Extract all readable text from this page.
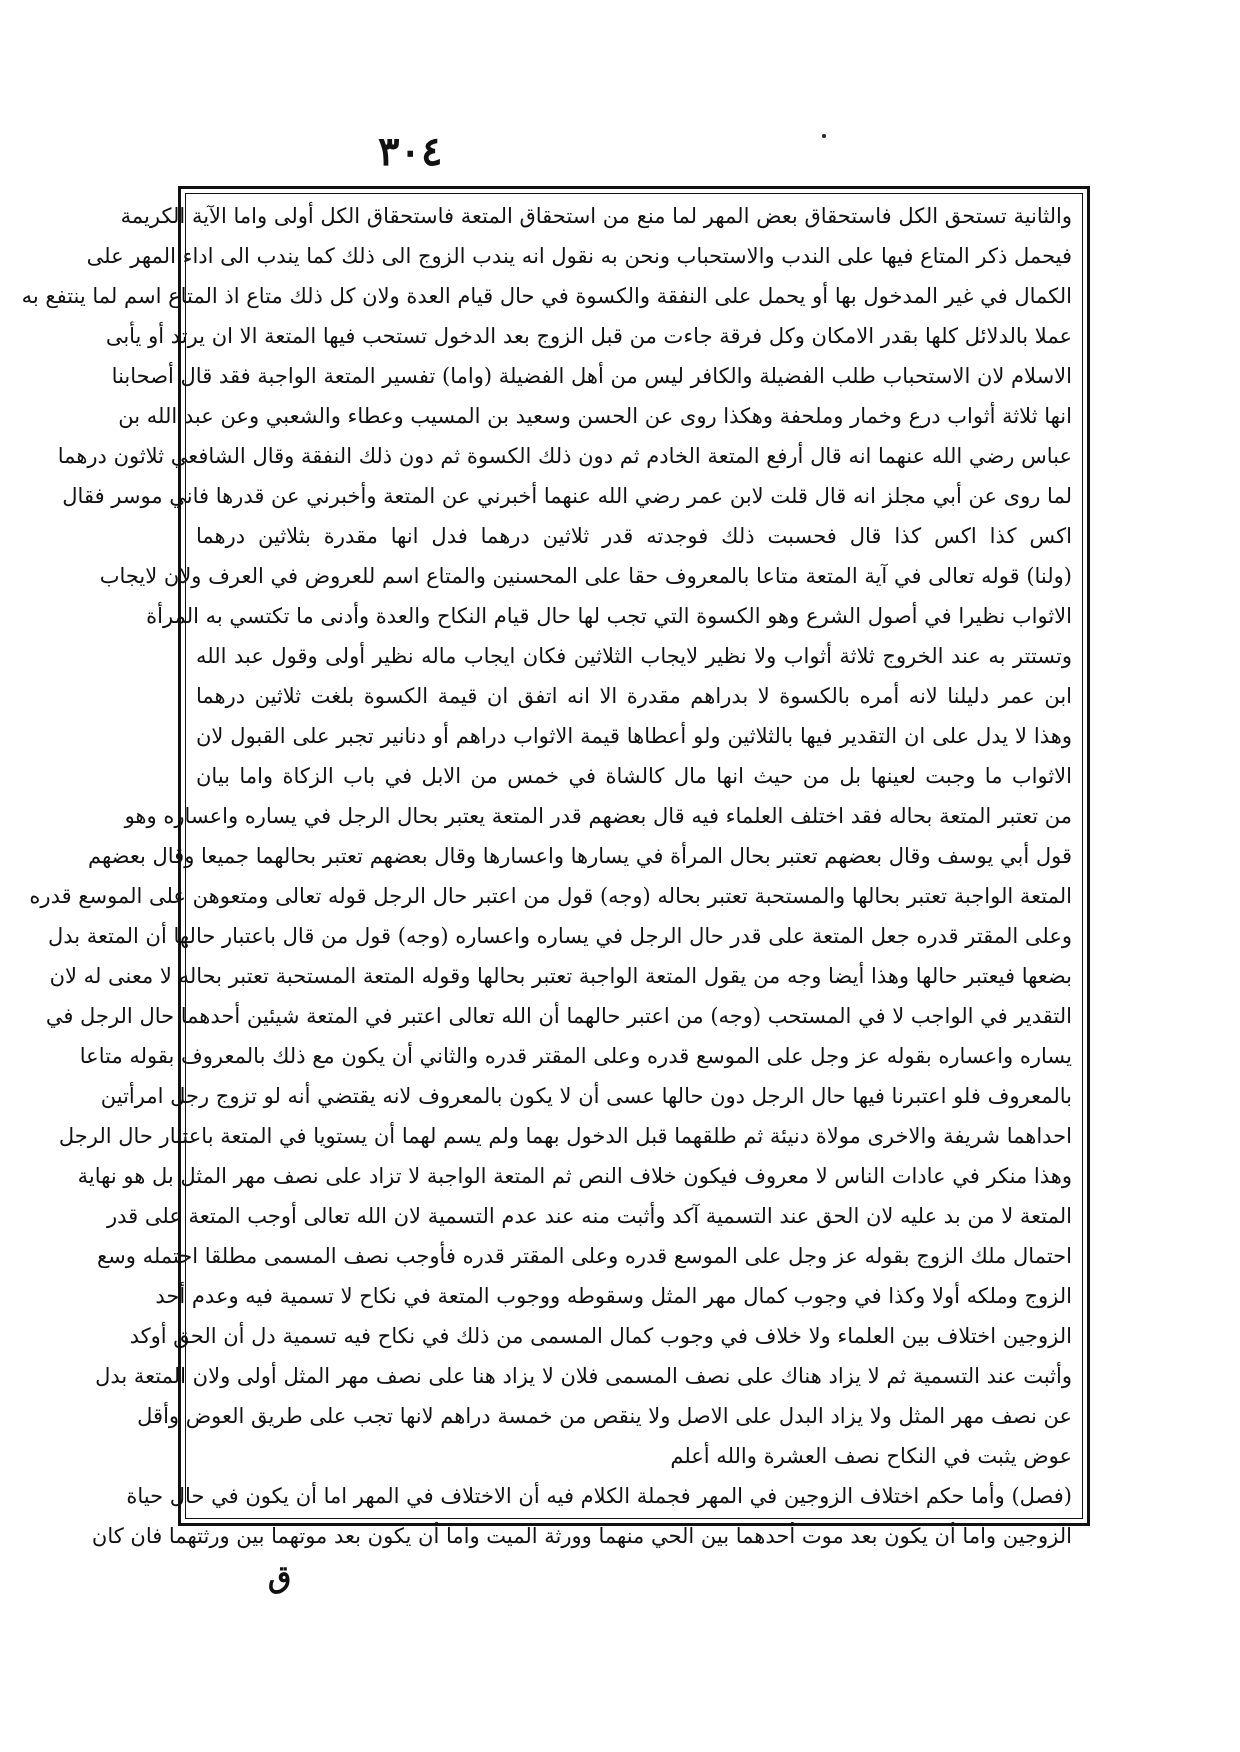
٣٠٤
والثانية تستحق الكل فاستحقاق بعض المهر لما منع من استحقاق المتعة فاستحقاق الكل أولى واما الآية الكريمة
فيحمل ذكر المتاع فيها على الندب والاستحباب ونحن به نقول انه يندب الزوج الى ذلك كما يندب الى اداء المهر على
الكمال في غير المدخول بها أو يحمل على النفقة والكسوة في حال قيام العدة ولان كل ذلك متاع اذ المتاع اسم لما ينتفع به
عملا بالدلائل كلها بقدر الامكان وكل فرقة جاءت من قبل الزوج بعد الدخول تستحب فيها المتعة الا ان يرتد أو يأبى
الاسلام لان الاستحباب طلب الفضيلة والكافر ليس من أهل الفضيلة (واما) تفسير المتعة الواجبة فقد قال أصحابنا
انها ثلاثة أثواب درع وخمار وملحفة وهكذا روى عن الحسن وسعيد بن المسيب وعطاء والشعبي وعن عبد الله بن
عباس رضي الله عنهما انه قال أرفع المتعة الخادم ثم دون ذلك الكسوة ثم دون ذلك النفقة وقال الشافعي ثلاثون درهما
لما روى عن أبي مجلز انه قال قلت لابن عمر رضي الله عنهما أخبرني عن المتعة وأخبرني عن قدرها فاني موسر فقال
اكس كذا اكس كذا قال فحسبت ذلك فوجدته قدر ثلاثين درهما فدل انها مقدرة بثلاثين درهما
(ولنا) قوله تعالى في آية المتعة متاعا بالمعروف حقا على المحسنين والمتاع اسم للعروض في العرف ولان لايجاب
الاثواب نظيرا في أصول الشرع وهو الكسوة التي تجب لها حال قيام النكاح والعدة وأدنى ما تكتسي به المرأة
وتستتر به عند الخروج ثلاثة أثواب ولا نظير لايجاب الثلاثين فكان ايجاب ماله نظير أولى وقول عبد الله
ابن عمر دليلنا لانه أمره بالكسوة لا بدراهم مقدرة الا انه اتفق ان قيمة الكسوة بلغت ثلاثين درهما
وهذا لا يدل على ان التقدير فيها بالثلاثين ولو أعطاها قيمة الاثواب دراهم أو دنانير تجبر على القبول لان
الاثواب ما وجبت لعينها بل من حيث انها مال كالشاة في خمس من الابل في باب الزكاة واما بيان
من تعتبر المتعة بحاله فقد اختلف العلماء فيه قال بعضهم قدر المتعة يعتبر بحال الرجل في يساره واعساره وهو
قول أبي يوسف وقال بعضهم تعتبر بحال المرأة في يسارها واعسارها وقال بعضهم تعتبر بحالهما جميعا وقال بعضهم
المتعة الواجبة تعتبر بحالها والمستحبة تعتبر بحاله (وجه) قول من اعتبر حال الرجل قوله تعالى ومتعوهن على الموسع قدره
وعلى المقتر قدره جعل المتعة على قدر حال الرجل في يساره واعساره (وجه) قول من قال باعتبار حالها أن المتعة بدل
بضعها فيعتبر حالها وهذا أيضا وجه من يقول المتعة الواجبة تعتبر بحالها وقوله المتعة المستحبة تعتبر بحاله لا معنى له لان
التقدير في الواجب لا في المستحب (وجه) من اعتبر حالهما أن الله تعالى اعتبر في المتعة شيئين أحدهما حال الرجل في
يساره واعساره بقوله عز وجل على الموسع قدره وعلى المقتر قدره والثاني أن يكون مع ذلك بالمعروف بقوله متاعا
بالمعروف فلو اعتبرنا فيها حال الرجل دون حالها عسى أن لا يكون بالمعروف لانه يقتضي أنه لو تزوج رجل امرأتين
احداهما شريفة والاخرى مولاة دنيئة ثم طلقهما قبل الدخول بهما ولم يسم لهما أن يستويا في المتعة باعتبار حال الرجل
وهذا منكر في عادات الناس لا معروف فيكون خلاف النص ثم المتعة الواجبة لا تزاد على نصف مهر المثل بل هو نهاية
المتعة لا من بد عليه لان الحق عند التسمية آكد وأثبت منه عند عدم التسمية لان الله تعالى أوجب المتعة على قدر
احتمال ملك الزوج بقوله عز وجل على الموسع قدره وعلى المقتر قدره فأوجب نصف المسمى مطلقا احتمله وسع
الزوج وملكه أولا وكذا في وجوب كمال مهر المثل وسقوطه ووجوب المتعة في نكاح لا تسمية فيه وعدم أحد
الزوجين اختلاف بين العلماء ولا خلاف في وجوب كمال المسمى من ذلك في نكاح فيه تسمية دل أن الحق أوكد
وأثبت عند التسمية ثم لا يزاد هناك على نصف المسمى فلان لا يزاد هنا على نصف مهر المثل أولى ولان المتعة بدل
عن نصف مهر المثل ولا يزاد البدل على الاصل ولا ينقص من خمسة دراهم لانها تجب على طريق العوض وأقل
عوض يثبت في النكاح نصف العشرة والله أعلم
(فصل) وأما حكم اختلاف الزوجين في المهر فجملة الكلام فيه أن الاختلاف في المهر اما أن يكون في حال حياة
الزوجين واما أن يكون بعد موت أحدهما بين الحي منهما وورثة الميت واما أن يكون بعد موتهما بين ورثتهما فان كان
ق
